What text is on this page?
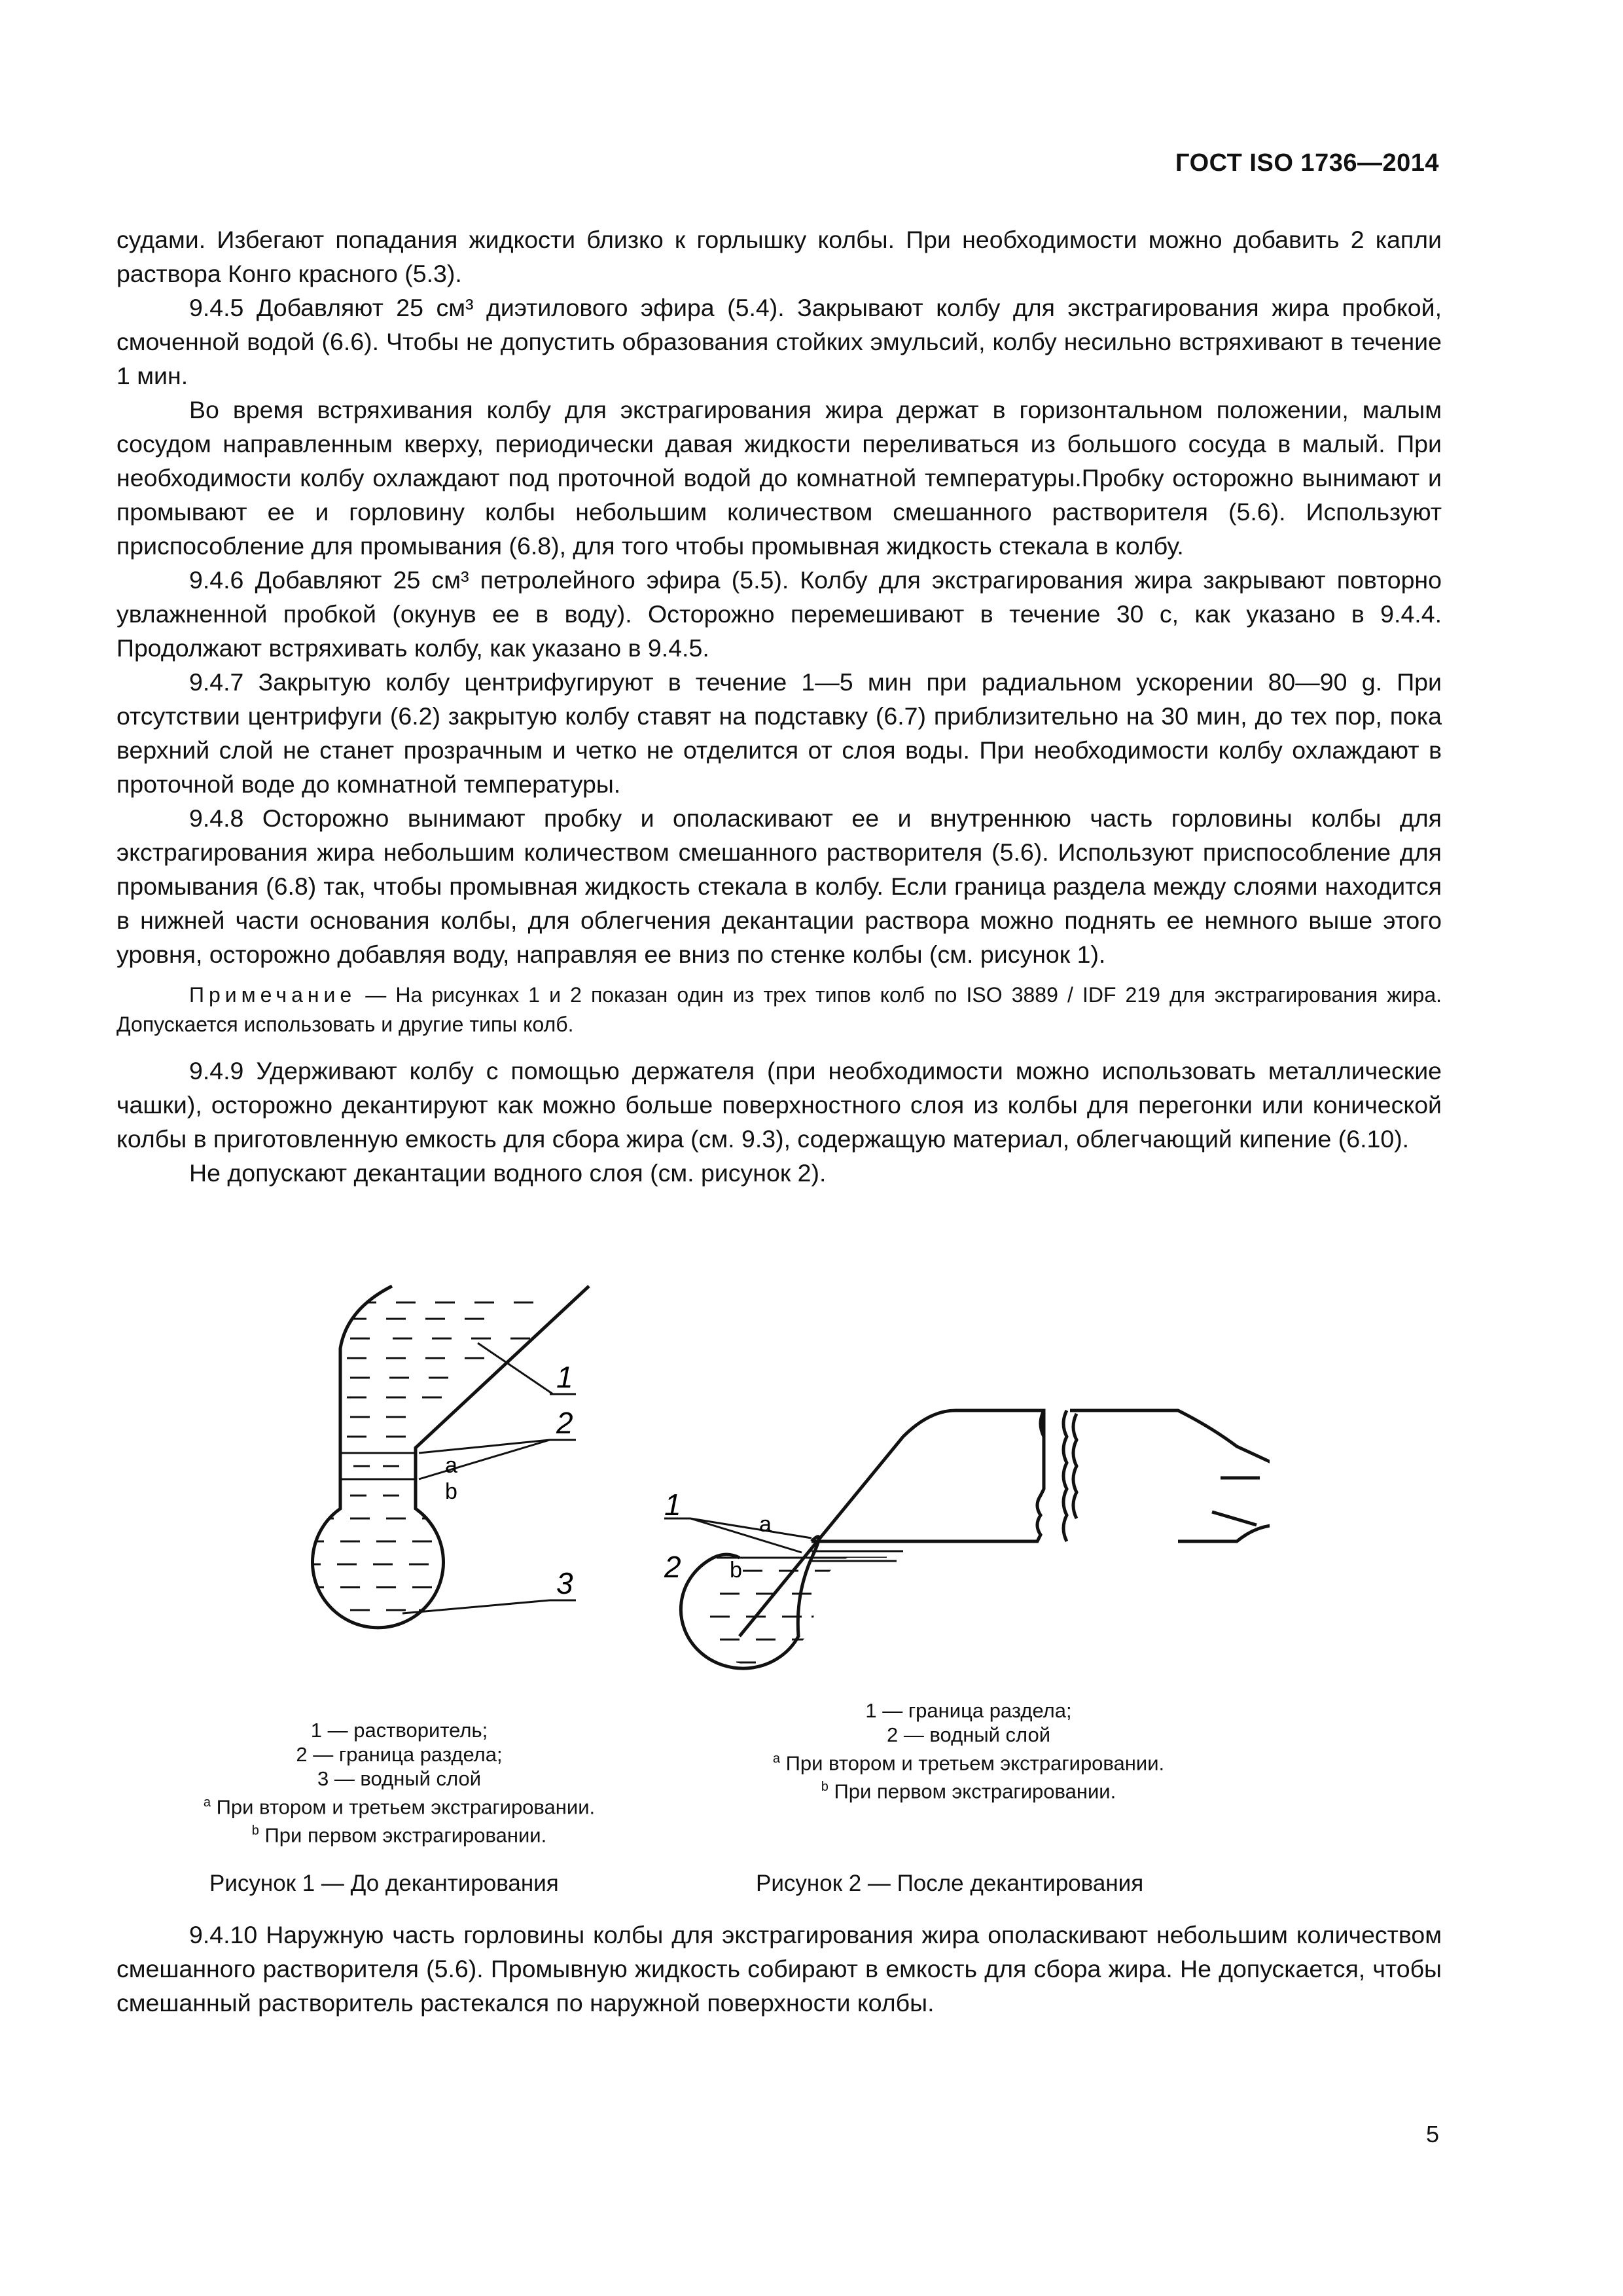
ГОСТ ISO 1736—2014

судами. Избегают попадания жидкости близко к горлышку колбы. При необходимости можно добавить 2 капли раствора Конго красного (5.3).

9.4.5 Добавляют 25 см³ диэтилового эфира (5.4). Закрывают колбу для экстрагирования жира пробкой, смоченной водой (6.6). Чтобы не допустить образования стойких эмульсий, колбу несильно встряхивают в течение 1 мин.

Во время встряхивания колбу для экстрагирования жира держат в горизонтальном положении, малым сосудом направленным кверху, периодически давая жидкости переливаться из большого сосуда в малый. При необходимости колбу охлаждают под проточной водой до комнатной температуры.Пробку осторожно вынимают и промывают ее и горловину колбы небольшим количеством смешанного растворителя (5.6). Используют приспособление для промывания (6.8), для того чтобы промывная жидкость стекала в колбу.

9.4.6 Добавляют 25 см³ петролейного эфира (5.5). Колбу для экстрагирования жира закрывают повторно увлажненной пробкой (окунув ее в воду). Осторожно перемешивают в течение 30 с, как указано в 9.4.4. Продолжают встряхивать колбу, как указано в 9.4.5.

9.4.7 Закрытую колбу центрифугируют в течение 1—5 мин при радиальном ускорении 80—90 g. При отсутствии центрифуги (6.2) закрытую колбу ставят на подставку (6.7) приблизительно на 30 мин, до тех пор, пока верхний слой не станет прозрачным и четко не отделится от слоя воды. При необходимости колбу охлаждают в проточной воде до комнатной температуры.

9.4.8 Осторожно вынимают пробку и ополаскивают ее и внутреннюю часть горловины колбы для экстрагирования жира небольшим количеством смешанного растворителя (5.6). Используют приспособление для промывания (6.8) так, чтобы промывная жидкость стекала в колбу. Если граница раздела между слоями находится в нижней части основания колбы, для облегчения декантации раствора можно поднять ее немного выше этого уровня, осторожно добавляя воду, направляя ее вниз по стенке колбы (см. рисунок 1).

Примечание — На рисунках 1 и 2 показан один из трех типов колб по ISO 3889 / IDF 219 для экстрагирования жира. Допускается использовать и другие типы колб.

9.4.9 Удерживают колбу с помощью держателя (при необходимости можно использовать металлические чашки), осторожно декантируют как можно больше поверхностного слоя из колбы для перегонки или конической колбы в приготовленную емкость для сбора жира (см. 9.3), содержащую материал, облегчающий кипение (6.10).

Не допускают декантации водного слоя (см. рисунок 2).

1
2
3
a
b	1
2
a
b
1 — растворитель;
2 — граница раздела;
3 — водный слой
$^a$ При втором и третьем экстрагировании.
$^b$ При первом экстрагировании.
1 — граница раздела;
2 — водный слой
$^a$ При втором и третьем экстрагировании.
$^b$ При первом экстрагировании.
Рисунок 1 — До декантирования	Рисунок 2 — После декантирования

9.4.10 Наружную часть горловины колбы для экстрагирования жира ополаскивают небольшим количеством смешанного растворителя (5.6). Промывную жидкость собирают в емкость для сбора жира. Не допускается, чтобы смешанный растворитель растекался по наружной поверхности колбы.

5
